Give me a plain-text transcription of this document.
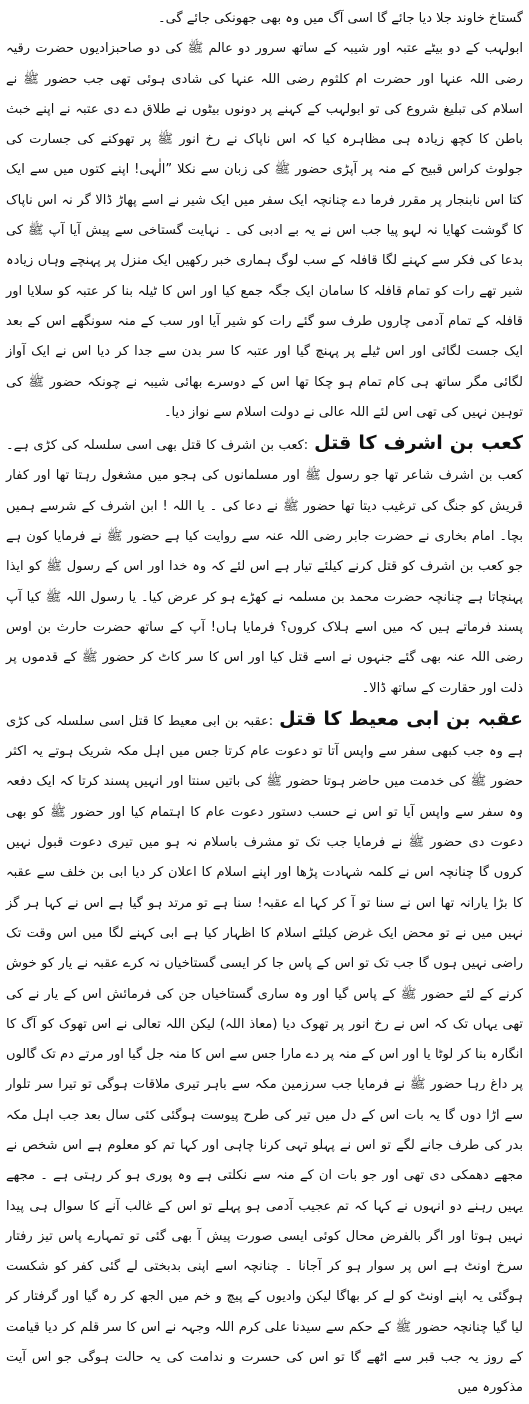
گستاخ خاوند جلا دیا جائے گا اسی آگ میں وہ بھی جھونکی جائے گی۔

ابولہب کے دو بیٹے عتبہ اور شیبہ کے ساتھ سرور دو عالم ﷺ کی دو صاحبزادیوں حضرت رقیہ رضی اللہ عنہا اور حضرت ام کلثوم رضی اللہ عنہا کی شادی ہوئی تھی جب حضور ﷺ نے اسلام کی تبلیغ شروع کی تو ابولہب کے کہنے پر دونوں بیٹوں نے طلاق دے دی عتبہ نے اپنے خبث باطن کا کچھ زیادہ ہی مظاہرہ کیا کہ اس ناپاک نے رخ انور ﷺ پر تھوکنے کی جسارت کی جولوث کراس قبیح کے منہ پر آپڑی حضور ﷺ کی زبان سے نکلا ”الٰہی! اپنے کتوں میں سے ایک کتا اس نابنجار پر مقرر فرما دے چنانچہ ایک سفر میں ایک شیر نے اسے پھاڑ ڈالا گر نہ اس ناپاک کا گوشت کھایا نہ لہو پیا جب اس نے یہ بے ادبی کی ۔ نہایت گستاخی سے پیش آیا آپ ﷺ کی بدعا کی فکر سے کہنے لگا قافلہ کے سب لوگ ہماری خبر رکھیں ایک منزل پر پہنچے وہاں زیادہ شیر تھے رات کو تمام قافلہ کا سامان ایک جگہ جمع کیا اور اس کا ٹیلہ بنا کر عتبہ کو سلایا اور قافلہ کے تمام آدمی چاروں طرف سو گئے رات کو شیر آیا اور سب کے منہ سونگھے اس کے بعد ایک جست لگائی اور اس ٹیلے پر پہنچ گیا اور عتبہ کا سر بدن سے جدا کر دیا اس نے ایک آواز لگائی مگر ساتھ ہی کام تمام ہو چکا تھا اس کے دوسرے بھائی شیبہ نے چونکہ حضور ﷺ کی توہین نہیں کی تھی اس لئے اللہ عالی نے دولت اسلام سے نواز دیا۔

کعب بن اشرف کا قتل:کعب بن اشرف کا قتل بھی اسی سلسلہ کی کڑی ہے۔ کعب بن اشرف شاعر تھا جو رسول ﷺ اور مسلمانوں کی ہجو میں مشغول رہتا تھا اور کفار قریش کو جنگ کی ترغیب دیتا تھا حضور ﷺ نے دعا کی ۔ یا اللہ ! ابن اشرف کے شرسے ہمیں بچا۔ امام بخاری نے حضرت جابر رضی اللہ عنہ سے روایت کیا ہے حضور ﷺ نے فرمایا کون ہے جو کعب بن اشرف کو قتل کرنے کیلئے تیار ہے اس لئے کہ وہ خدا اور اس کے رسول ﷺ کو ایذا پہنچاتا ہے چنانچہ حضرت محمد بن مسلمہ نے کھڑے ہو کر عرض کیا۔ یا رسول اللہ ﷺ کیا آپ پسند فرماتے ہیں کہ میں اسے ہلاک کروں؟ فرمایا ہاں! آپ کے ساتھ حضرت حارث بن اوس رضی اللہ عنہ بھی گئے جنہوں نے اسے قتل کیا اور اس کا سر کاٹ کر حضور ﷺ کے قدموں پر ذلت اور حقارت کے ساتھ ڈالا۔

عقبہ بن ابی معیط کا قتل:عقبہ بن ابی معیط کا قتل اسی سلسلہ کی کڑی ہے وہ جب کبھی سفر سے واپس آتا تو دعوت عام کرتا جس میں اہل مکہ شریک ہوتے یہ اکثر حضور ﷺ کی خدمت میں حاضر ہوتا حضور ﷺ کی باتیں سنتا اور انہیں پسند کرتا کہ ایک دفعہ وہ سفر سے واپس آیا تو اس نے حسب دستور دعوت عام کا اہتمام کیا اور حضور ﷺ کو بھی دعوت دی حضور ﷺ نے فرمایا جب تک تو مشرف باسلام نہ ہو میں تیری دعوت قبول نہیں کروں گا چنانچہ اس نے کلمہ شہادت پڑھا اور اپنے اسلام کا اعلان کر دیا ابی بن خلف سے عقبہ کا بڑا یارانہ تھا اس نے سنا تو آ کر کہا اے عقبہ! سنا ہے تو مرتد ہو گیا ہے اس نے کہا ہر گز نہیں میں نے تو محض ایک غرض کیلئے اسلام کا اظہار کیا ہے ابی کہنے لگا میں اس وقت تک راضی نہیں ہوں گا جب تک تو اس کے پاس جا کر ایسی گستاخیاں نہ کرے عقبہ نے یار کو خوش کرنے کے لئے حضور ﷺ کے پاس گیا اور وہ ساری گستاخیاں جن کی فرمائش اس کے یار نے کی تھی یہاں تک کہ اس نے رخ انور پر تھوک دیا (معاذ اللہ) لیکن اللہ تعالی نے اس تھوک کو آگ کا انگارہ بنا کر لوٹا یا اور اس کے منہ پر دے مارا جس سے اس کا منہ جل گیا اور مرتے دم تک گالوں پر داغ رہا حضور ﷺ نے فرمایا جب سرزمین مکہ سے باہر تیری ملاقات ہوگی تو تیرا سر تلوار سے اڑا دوں گا یہ بات اس کے دل میں تیر کی طرح پیوست ہوگئی کئی سال بعد جب اہل مکہ بدر کی طرف جانے لگے تو اس نے پہلو تہی کرنا چاہی اور کہا تم کو معلوم ہے اس شخص نے مجھے دھمکی دی تھی اور جو بات ان کے منہ سے نکلتی ہے وہ پوری ہو کر رہتی ہے ۔ مجھے یہیں رہنے دو انہوں نے کہا کہ تم عجیب آدمی ہو پہلے تو اس کے غالب آنے کا سوال ہی پیدا نہیں ہوتا اور اگر بالفرض محال کوئی ایسی صورت پیش آ بھی گئی تو تمہارے پاس تیز رفتار سرخ اونٹ ہے اس پر سوار ہو کر آجانا ۔ چنانچہ اسے اپنی بدبختی لے گئی کفر کو شکست ہوگئی یہ اپنے اونٹ کو لے کر بھاگا لیکن وادیوں کے پیچ و خم میں الجھ کر رہ گیا اور گرفتار کر لیا گیا چنانچہ حضور ﷺ کے حکم سے سیدنا علی کرم اللہ وجہہ نے اس کا سر قلم کر دیا قیامت کے روز یہ جب قبر سے اٹھے گا تو اس کی حسرت و ندامت کی یہ حالت ہوگی جو اس آیت مذکورہ میں
